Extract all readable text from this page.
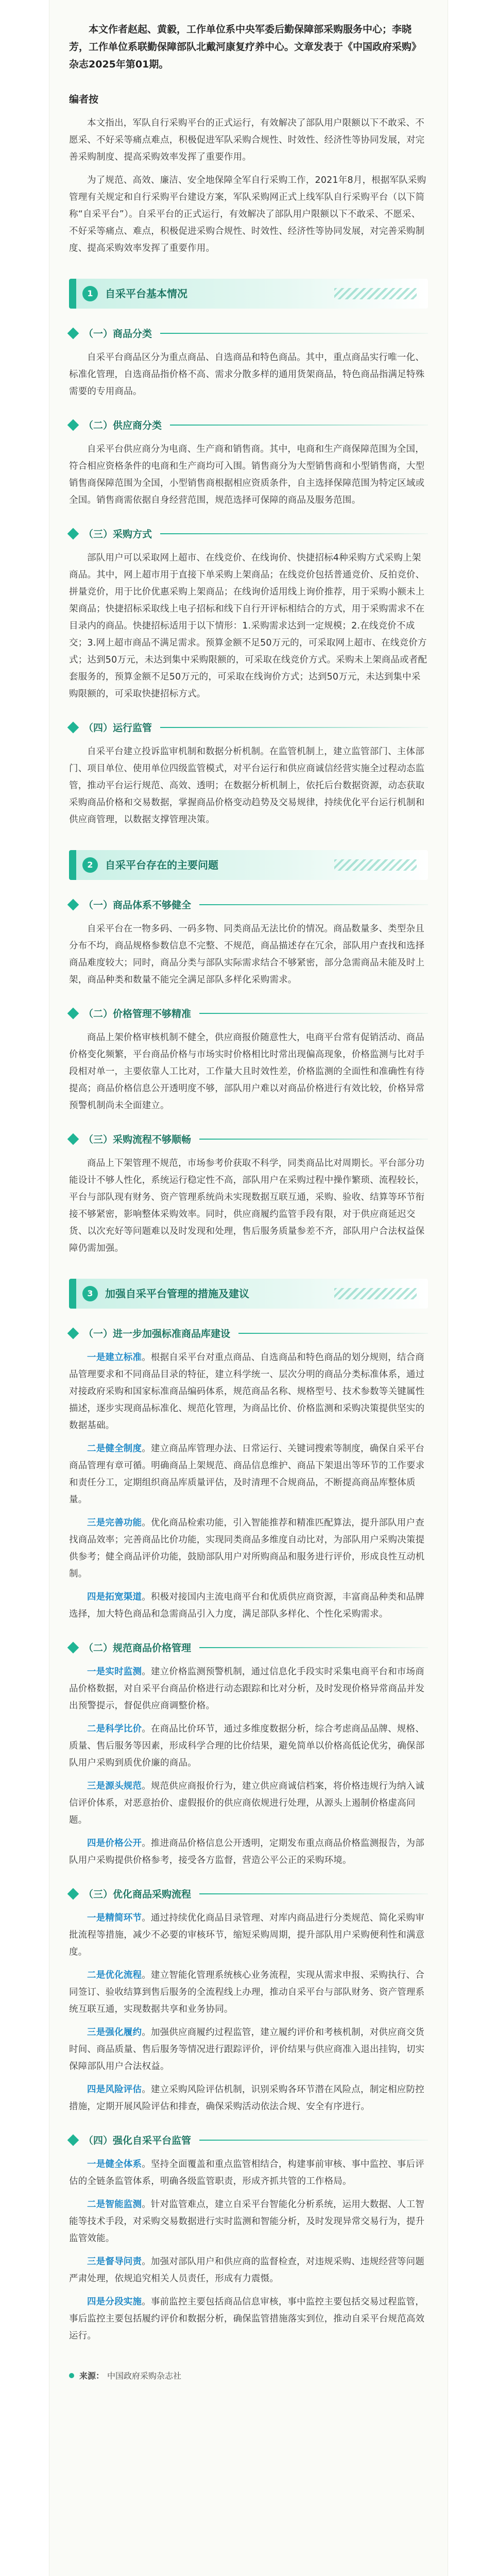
本文作者赵起、黄毅，工作单位系中央军委后勤保障部采购服务中心；李晓芳，工作单位系联勤保障部队北戴河康复疗养中心。文章发表于《中国政府采购》杂志2025年第01期。
编者按

本文指出，军队自行采购平台的正式运行，有效解决了部队用户限额以下不敢采、不愿采、不好采等痛点难点，积极促进军队采购合规性、时效性、经济性等协同发展，对完善采购制度、提高采购效率发挥了重要作用。

为了规范、高效、廉洁、安全地保障全军自行采购工作，2021年8月，根据军队采购管理有关规定和自行采购平台建设方案，军队采购网正式上线军队自行采购平台（以下简称“自采平台”）。自采平台的正式运行，有效解决了部队用户限额以下不敢采、不愿采、不好采等痛点、难点，积极促进采购合规性、时效性、经济性等协同发展，对完善采购制度、提高采购效率发挥了重要作用。

1	自采平台基本情况
（一）商品分类

自采平台商品区分为重点商品、自选商品和特色商品。其中，重点商品实行唯一化、标准化管理，自选商品指价格不高、需求分散多样的通用货架商品，特色商品指满足特殊需要的专用商品。

（二）供应商分类

自采平台供应商分为电商、生产商和销售商。其中，电商和生产商保障范围为全国，符合相应资格条件的电商和生产商均可入围。销售商分为大型销售商和小型销售商，大型销售商保障范围为全国，小型销售商根据相应资质条件，自主选择保障范围为特定区域或全国。销售商需依据自身经营范围，规范选择可保障的商品及服务范围。

（三）采购方式

部队用户可以采取网上超市、在线竞价、在线询价、快捷招标4种采购方式采购上架商品。其中，网上超市用于直接下单采购上架商品；在线竞价包括普通竞价、反拍竞价、拼量竞价，用于比价优惠采购上架商品；在线询价适用线上询价推荐，用于采购小额未上架商品；快捷招标采取线上电子招标和线下自行开评标相结合的方式，用于采购需求不在目录内的商品。快捷招标适用于以下情形：1.采购需求达到一定规模；2.在线竞价不成交；3.网上超市商品不满足需求。预算金额不足50万元的，可采取网上超市、在线竞价方式；达到50万元，未达到集中采购限额的，可采取在线竞价方式。采购未上架商品或者配套服务的，预算金额不足50万元的，可采取在线询价方式；达到50万元，未达到集中采购限额的，可采取快捷招标方式。

（四）运行监管

自采平台建立投诉监审机制和数据分析机制。在监管机制上，建立监管部门、主体部门、项目单位、使用单位四级监管模式，对平台运行和供应商诚信经营实施全过程动态监管，推动平台运行规范、高效、透明；在数据分析机制上，依托后台数据资源，动态获取采购商品价格和交易数据，掌握商品价格变动趋势及交易规律，持续优化平台运行机制和供应商管理，以数据支撑管理决策。

2	自采平台存在的主要问题
（一）商品体系不够健全

自采平台在一物多码、一码多物、同类商品无法比价的情况。商品数量多、类型杂且分布不均，商品规格参数信息不完整、不规范，商品描述存在冗余，部队用户查找和选择商品难度较大；同时，商品分类与部队实际需求结合不够紧密，部分急需商品未能及时上架，商品种类和数量不能完全满足部队多样化采购需求。

（二）价格管理不够精准

商品上架价格审核机制不健全，供应商报价随意性大，电商平台常有促销活动、商品价格变化频繁，平台商品价格与市场实时价格相比时常出现偏高现象，价格监测与比对手段相对单一，主要依靠人工比对，工作量大且时效性差，价格监测的全面性和准确性有待提高；商品价格信息公开透明度不够，部队用户难以对商品价格进行有效比较，价格异常预警机制尚未全面建立。

（三）采购流程不够顺畅

商品上下架管理不规范，市场参考价获取不科学，同类商品比对周期长。平台部分功能设计不够人性化，系统运行稳定性不高，部队用户在采购过程中操作繁琐、流程较长，平台与部队现有财务、资产管理系统尚未实现数据互联互通，采购、验收、结算等环节衔接不够紧密，影响整体采购效率。同时，供应商履约监管手段有限，对于供应商延迟交货、以次充好等问题难以及时发现和处理，售后服务质量参差不齐，部队用户合法权益保障仍需加强。

3	加强自采平台管理的措施及建议
（一）进一步加强标准商品库建设

一是建立标准。根据自采平台对重点商品、自选商品和特色商品的划分规则，结合商品管理要求和不同商品目录的特征，建立科学统一、层次分明的商品分类标准体系，通过对接政府采购和国家标准商品编码体系，规范商品名称、规格型号、技术参数等关键属性描述，逐步实现商品标准化、规范化管理，为商品比价、价格监测和采购决策提供坚实的数据基础。

二是健全制度。建立商品库管理办法、日常运行、关键词搜索等制度，确保自采平台商品管理有章可循。明确商品上架规范、商品信息维护、商品下架退出等环节的工作要求和责任分工，定期组织商品库质量评估，及时清理不合规商品，不断提高商品库整体质量。

三是完善功能。优化商品检索功能，引入智能推荐和精准匹配算法，提升部队用户查找商品效率；完善商品比价功能，实现同类商品多维度自动比对，为部队用户采购决策提供参考；健全商品评价功能，鼓励部队用户对所购商品和服务进行评价，形成良性互动机制。

四是拓宽渠道。积极对接国内主流电商平台和优质供应商资源，丰富商品种类和品牌选择，加大特色商品和急需商品引入力度，满足部队多样化、个性化采购需求。

（二）规范商品价格管理

一是实时监测。建立价格监测预警机制，通过信息化手段实时采集电商平台和市场商品价格数据，对自采平台商品价格进行动态跟踪和比对分析，及时发现价格异常商品并发出预警提示，督促供应商调整价格。

二是科学比价。在商品比价环节，通过多维度数据分析，综合考虑商品品牌、规格、质量、售后服务等因素，形成科学合理的比价结果，避免简单以价格高低论优劣，确保部队用户采购到质优价廉的商品。

三是源头规范。规范供应商报价行为，建立供应商诚信档案，将价格违规行为纳入诚信评价体系，对恶意抬价、虚假报价的供应商依规进行处理，从源头上遏制价格虚高问题。

四是价格公开。推进商品价格信息公开透明，定期发布重点商品价格监测报告，为部队用户采购提供价格参考，接受各方监督，营造公平公正的采购环境。

（三）优化商品采购流程

一是精简环节。通过持续优化商品目录管理、对库内商品进行分类规范、简化采购审批流程等措施，减少不必要的审核环节，缩短采购周期，提升部队用户采购便利性和满意度。

二是优化流程。建立智能化管理系统核心业务流程，实现从需求申报、采购执行、合同签订、验收结算到售后服务的全流程线上办理，推动自采平台与部队财务、资产管理系统互联互通，实现数据共享和业务协同。

三是强化履约。加强供应商履约过程监管，建立履约评价和考核机制，对供应商交货时间、商品质量、售后服务等情况进行跟踪评价，评价结果与供应商准入退出挂钩，切实保障部队用户合法权益。

四是风险评估。建立采购风险评估机制，识别采购各环节潜在风险点，制定相应防控措施，定期开展风险评估和排查，确保采购活动依法合规、安全有序进行。

（四）强化自采平台监管

一是健全体系。坚持全面覆盖和重点监管相结合，构建事前审核、事中监控、事后评估的全链条监管体系，明确各级监管职责，形成齐抓共管的工作格局。

二是智能监测。针对监管难点，建立自采平台智能化分析系统，运用大数据、人工智能等技术手段，对采购交易数据进行实时监测和智能分析，及时发现异常交易行为，提升监管效能。

三是督导问责。加强对部队用户和供应商的监督检查，对违规采购、违规经营等问题严肃处理，依规追究相关人员责任，形成有力震慑。

四是分段实施。事前监控主要包括商品信息审核，事中监控主要包括交易过程监管，事后监控主要包括履约评价和数据分析，确保监管措施落实到位，推动自采平台规范高效运行。

来源： 中国政府采购杂志社
